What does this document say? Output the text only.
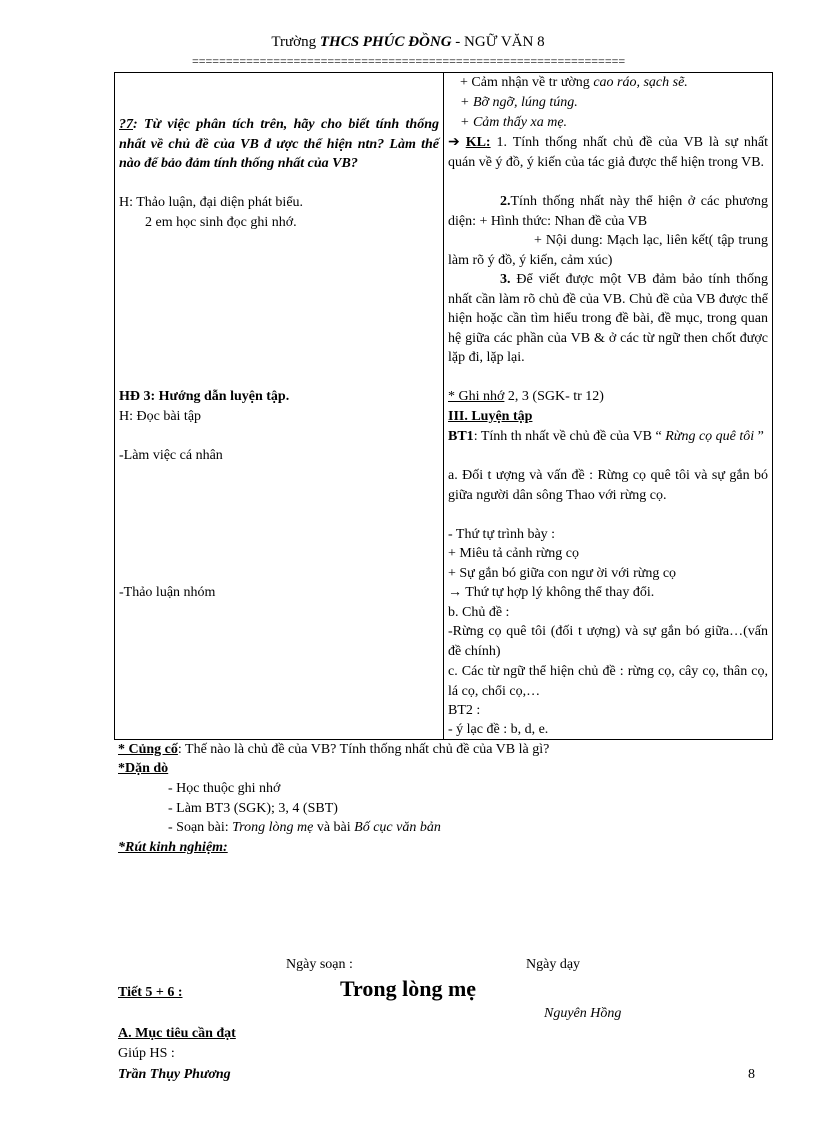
Trường THCS PHÚC ĐỒNG - NGỮ VĂN 8
================================================================
?7: Từ việc phân tích trên, hãy cho biết tính thống nhất về chủ đề của VB đ ược thể hiện ntn? Làm thế nào để bảo đảm tính thống nhất của VB?
H: Thảo luận, đại diện phát biểu.
2 em học sinh đọc ghi nhớ.
HĐ 3: Hướng dẫn luyện tập.
H: Đọc bài tập
-Làm việc cá nhân
-Thảo luận nhóm

+ Cảm nhận về tr ường cao ráo, sạch sẽ.
+ Bỡ ngỡ, lúng túng.
+ Cảm thấy xa mẹ.
➔ KL: 1. Tính thống nhất chủ đề của VB là sự nhất quán về ý đồ, ý kiến của tác giả được thể hiện trong VB.
2.Tính thống nhất này thể hiện ở các phương diện: + Hình thức: Nhan đề của VB
+ Nội dung: Mạch lạc, liên kết( tập trung làm rõ ý đồ, ý kiến, cảm xúc)
3. Để viết được một VB đảm bảo tính thống nhất cần làm rõ chủ đề của VB. Chủ đề của VB được thể hiện hoặc cần tìm hiểu trong đề bài, đề mục, trong quan hệ giữa các phần của VB & ở các từ ngữ then chốt được lặp đi, lặp lại.
* Ghi nhớ 2, 3 (SGK- tr 12)
III. Luyện tập
BT1: Tính th nhất về chủ đề của VB “ Rừng cọ quê tôi ”
a. Đối t ượng và vấn đề : Rừng cọ quê tôi và sự gắn bó giữa người dân sông Thao với rừng cọ.
- Thứ tự trình bày :
+ Miêu tả cảnh rừng cọ
+ Sự gắn bó giữa con ngư ời với rừng cọ
→ Thứ tự hợp lý không thể thay đổi.
b. Chủ đề :
-Rừng cọ quê tôi (đối t ượng) và sự gắn bó giữa…(vấn đề chính)
c. Các từ ngữ thể hiện chủ đề : rừng cọ, cây cọ, thân cọ, lá cọ, chổi cọ,…
BT2 :
- ý lạc đề : b, d, e.
* Củng cố: Thế nào là chủ đề của VB? Tính thống nhất chủ đề của VB là gì?
*Dặn dò
- Học thuộc ghi nhớ
- Làm BT3 (SGK); 3, 4 (SBT)
- Soạn bài: Trong lòng mẹ và bài Bố cục văn bản
*Rút kinh nghiệm:
Ngày soạn :	Ngày dạy
Tiết 5 + 6 :	Trong lòng mẹ
Nguyên Hồng
A. Mục tiêu cần đạt
Giúp HS :
Trần Thụy Phương	8
